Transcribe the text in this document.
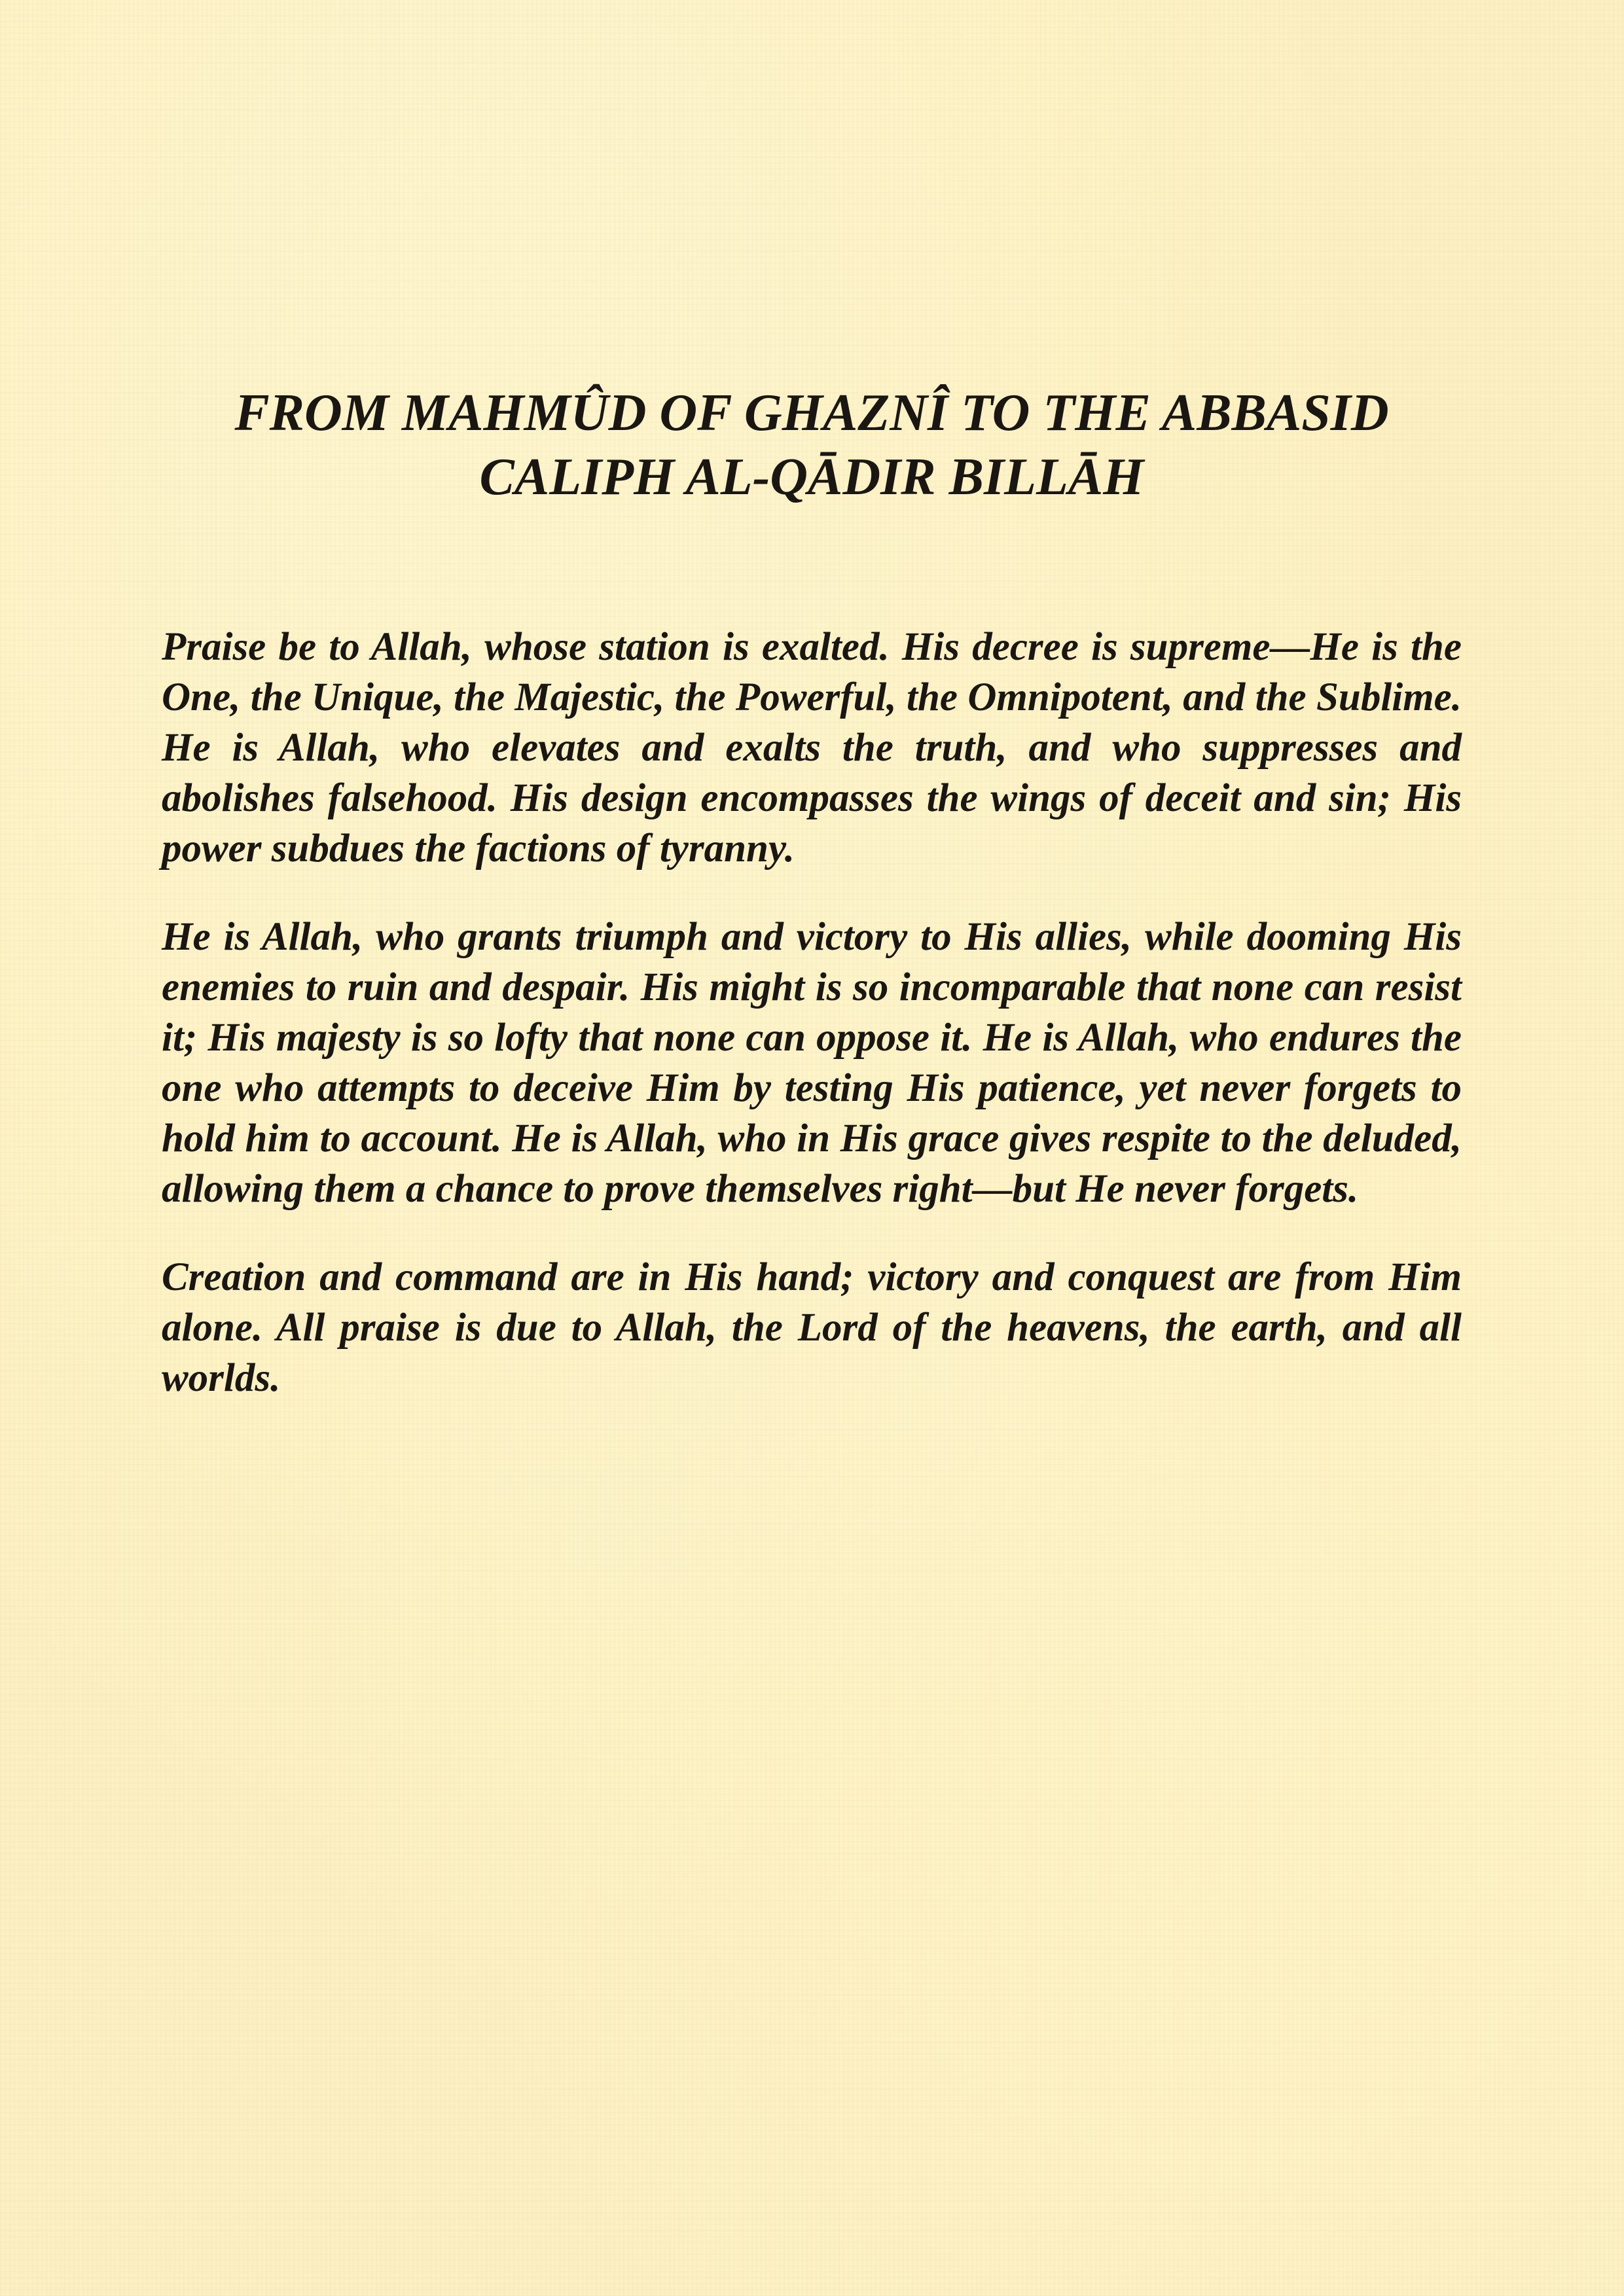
FROM MAHMÛD OF GHAZNÎ TO THE ABBASID
CALIPH AL-QĀDIR BILLĀH

Praise be to Allah, whose station is exalted. His decree is supreme—He is the One, the Unique, the Majestic, the Powerful, the Omnipotent, and the Sublime. He is Allah, who elevates and exalts the truth, and who suppresses and abolishes falsehood. His design encompasses the wings of deceit and sin; His power subdues the factions of tyranny.

He is Allah, who grants triumph and victory to His allies, while dooming His enemies to ruin and despair. His might is so incomparable that none can resist it; His majesty is so lofty that none can oppose it. He is Allah, who endures the one who attempts to deceive Him by testing His patience, yet never forgets to hold him to account. He is Allah, who in His grace gives respite to the deluded, allowing them a chance to prove themselves right—but He never forgets.

Creation and command are in His hand; victory and conquest are from Him alone. All praise is due to Allah, the Lord of the heavens, the earth, and all worlds.
